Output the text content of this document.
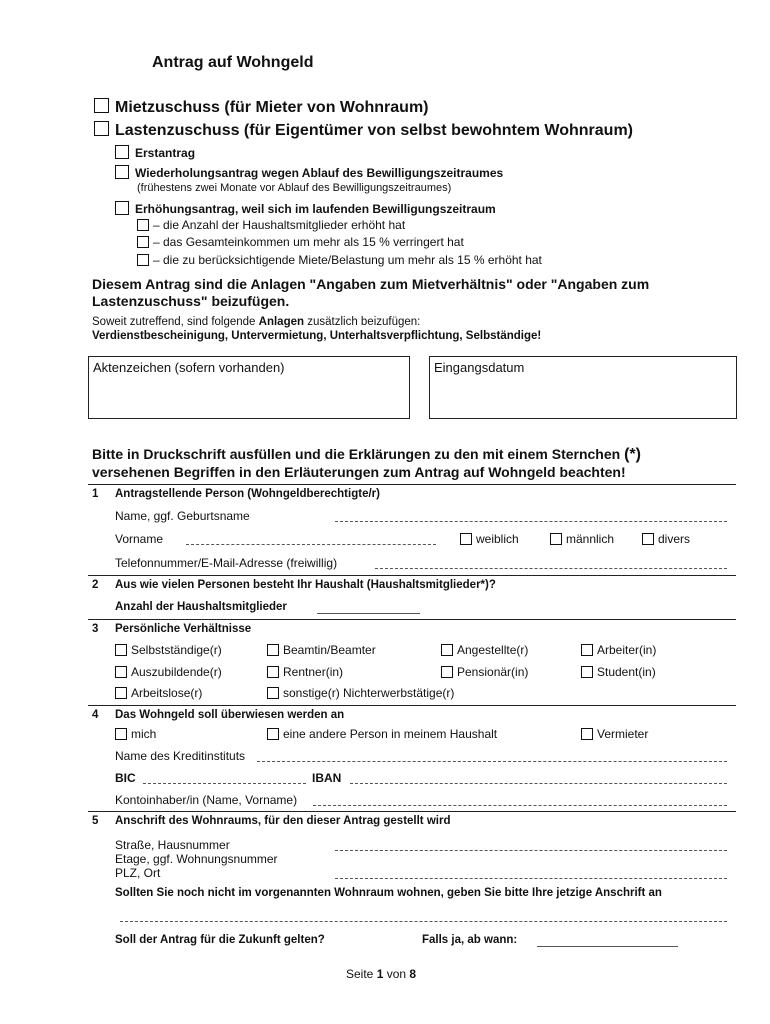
Antrag auf Wohngeld
Mietzuschuss (für Mieter von Wohnraum)
Lastenzuschuss (für Eigentümer von selbst bewohntem Wohnraum)
Erstantrag
Wiederholungsantrag wegen Ablauf des Bewilligungszeitraumes
(frühestens zwei Monate vor Ablauf des Bewilligungszeitraumes)
Erhöhungsantrag, weil sich im laufenden Bewilligungszeitraum
– die Anzahl der Haushaltsmitglieder erhöht hat
– das Gesamteinkommen um mehr als 15 % verringert hat
– die zu berücksichtigende Miete/Belastung um mehr als 15 % erhöht hat
Diesem Antrag sind die Anlagen "Angaben zum Mietverhältnis" oder "Angaben zum
Lastenzuschuss" beizufügen.
Soweit zutreffend, sind folgende Anlagen zusätzlich beizufügen:
Verdienstbescheinigung, Untervermietung, Unterhaltsverpflichtung, Selbständige!
Aktenzeichen (sofern vorhanden)	Eingangsdatum
Bitte in Druckschrift ausfüllen und die Erklärungen zu den mit einem Sternchen (*)
versehenen Begriffen in den Erläuterungen zum Antrag auf Wohngeld beachten!
1 Antragstellende Person (Wohngeldberechtigte/r)
Name, ggf. Geburtsname
Vorname	weiblich	männlich	divers
Telefonnummer/E-Mail-Adresse (freiwillig)
2 Aus wie vielen Personen besteht Ihr Haushalt (Haushaltsmitglieder*)?
Anzahl der Haushaltsmitglieder
3 Persönliche Verhältnisse
Selbstständige(r)	Beamtin/Beamter	Angestellte(r)	Arbeiter(in)
Auszubildende(r)	Rentner(in)	Pensionär(in)	Student(in)
Arbeitslose(r)	sonstige(r) Nichterwerbstätige(r)
4 Das Wohngeld soll überwiesen werden an
mich	eine andere Person in meinem Haushalt	Vermieter
Name des Kreditinstituts
BIC	IBAN
Kontoinhaber/in (Name, Vorname)
5 Anschrift des Wohnraums, für den dieser Antrag gestellt wird
Straße, Hausnummer
Etage, ggf. Wohnungsnummer
PLZ, Ort
Sollten Sie noch nicht im vorgenannten Wohnraum wohnen, geben Sie bitte Ihre jetzige Anschrift an
Soll der Antrag für die Zukunft gelten?	Falls ja, ab wann:
Seite 1 von 8
